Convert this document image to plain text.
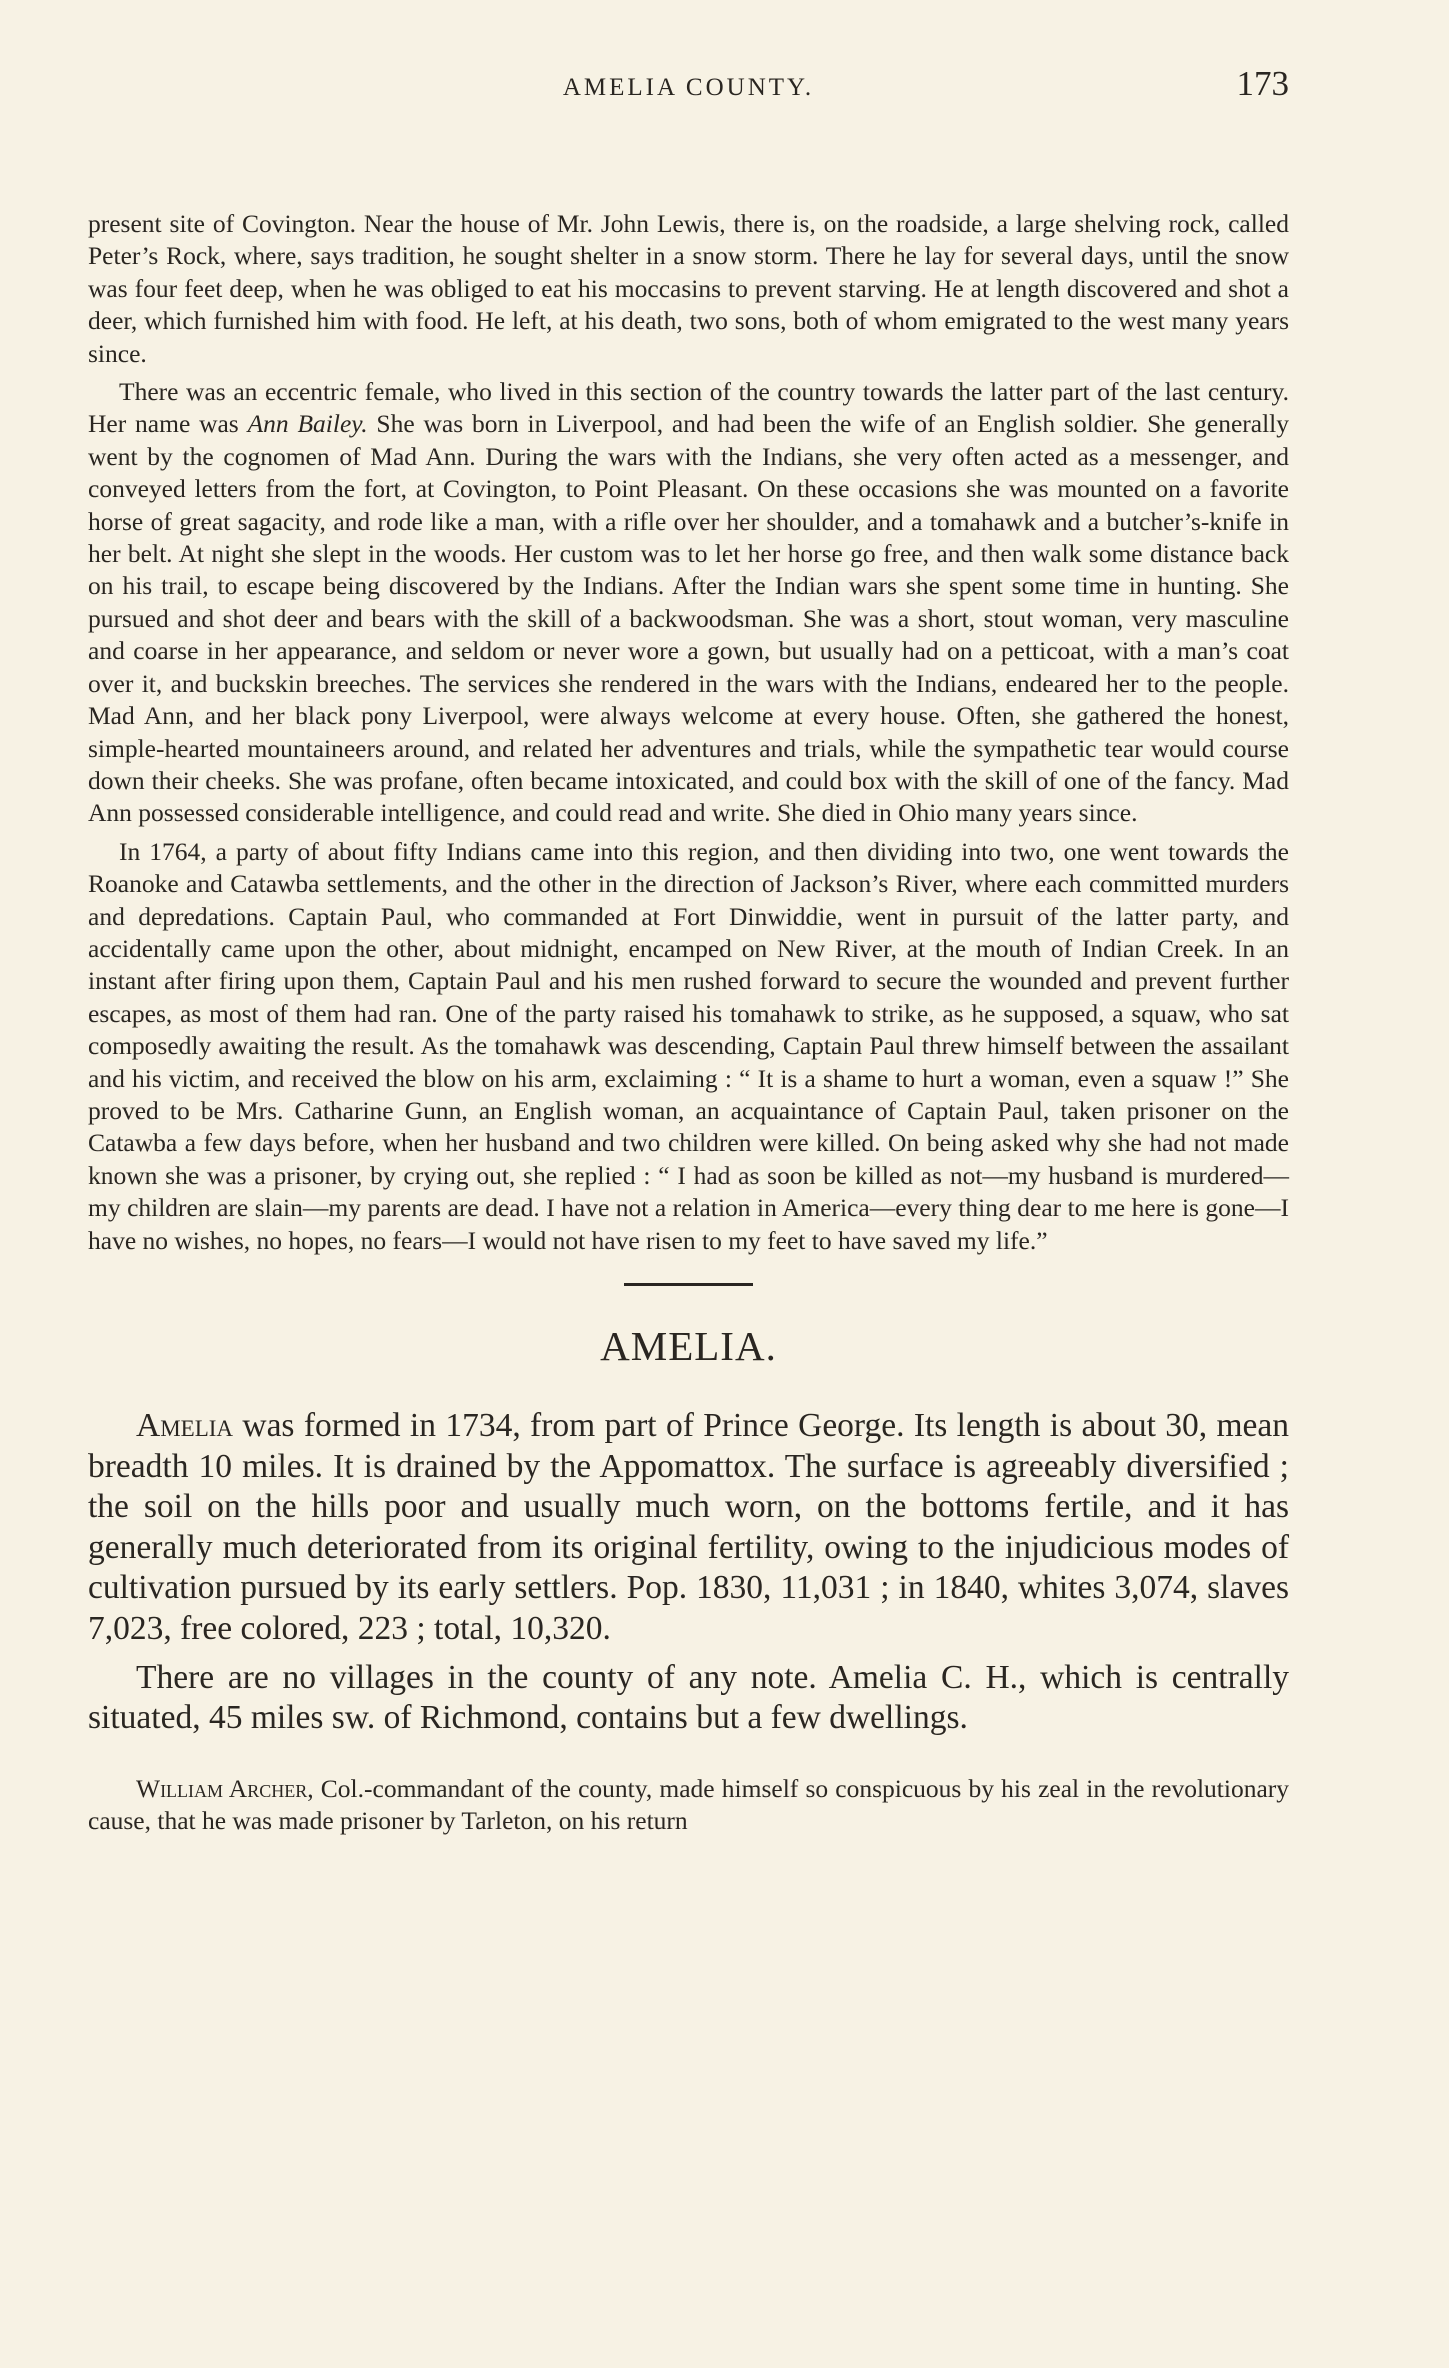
AMELIA COUNTY.	173

present site of Covington. Near the house of Mr. John Lewis, there is, on the roadside, a large shelving rock, called Peter’s Rock, where, says tradition, he sought shelter in a snow storm. There he lay for several days, until the snow was four feet deep, when he was obliged to eat his moccasins to prevent starving. He at length discovered and shot a deer, which furnished him with food. He left, at his death, two sons, both of whom emigrated to the west many years since.

There was an eccentric female, who lived in this section of the country towards the latter part of the last century. Her name was Ann Bailey. She was born in Liverpool, and had been the wife of an English soldier. She generally went by the cognomen of Mad Ann. During the wars with the Indians, she very often acted as a messenger, and conveyed letters from the fort, at Covington, to Point Pleasant. On these occasions she was mounted on a favorite horse of great sagacity, and rode like a man, with a rifle over her shoulder, and a tomahawk and a butcher’s-knife in her belt. At night she slept in the woods. Her custom was to let her horse go free, and then walk some distance back on his trail, to escape being discovered by the Indians. After the Indian wars she spent some time in hunting. She pursued and shot deer and bears with the skill of a backwoodsman. She was a short, stout woman, very masculine and coarse in her appearance, and seldom or never wore a gown, but usually had on a petticoat, with a man’s coat over it, and buckskin breeches. The services she rendered in the wars with the Indians, endeared her to the people. Mad Ann, and her black pony Liverpool, were always welcome at every house. Often, she gathered the honest, simple-hearted mountaineers around, and related her adventures and trials, while the sympathetic tear would course down their cheeks. She was profane, often became intoxicated, and could box with the skill of one of the fancy. Mad Ann possessed considerable intelligence, and could read and write. She died in Ohio many years since.

In 1764, a party of about fifty Indians came into this region, and then dividing into two, one went towards the Roanoke and Catawba settlements, and the other in the direction of Jackson’s River, where each committed murders and depredations. Captain Paul, who commanded at Fort Dinwiddie, went in pursuit of the latter party, and accidentally came upon the other, about midnight, encamped on New River, at the mouth of Indian Creek. In an instant after firing upon them, Captain Paul and his men rushed forward to secure the wounded and prevent further escapes, as most of them had ran. One of the party raised his tomahawk to strike, as he supposed, a squaw, who sat composedly awaiting the result. As the tomahawk was descending, Captain Paul threw himself between the assailant and his victim, and received the blow on his arm, exclaiming : “ It is a shame to hurt a woman, even a squaw !” She proved to be Mrs. Catharine Gunn, an English woman, an acquaintance of Captain Paul, taken prisoner on the Catawba a few days before, when her husband and two children were killed. On being asked why she had not made known she was a prisoner, by crying out, she replied : “ I had as soon be killed as not—my husband is murdered—my children are slain—my parents are dead. I have not a relation in America—every thing dear to me here is gone—I have no wishes, no hopes, no fears—I would not have risen to my feet to have saved my life.”

AMELIA.

Amelia was formed in 1734, from part of Prince George. Its length is about 30, mean breadth 10 miles. It is drained by the Appomattox. The surface is agreeably diversified ; the soil on the hills poor and usually much worn, on the bottoms fertile, and it has generally much deteriorated from its original fertility, owing to the injudicious modes of cultivation pursued by its early settlers. Pop. 1830, 11,031 ; in 1840, whites 3,074, slaves 7,023, free colored, 223 ; total, 10,320.

There are no villages in the county of any note. Amelia C. H., which is centrally situated, 45 miles sw. of Richmond, contains but a few dwellings.

William Archer, Col.-commandant of the county, made himself so conspicuous by his zeal in the revolutionary cause, that he was made prisoner by Tarleton, on his return
